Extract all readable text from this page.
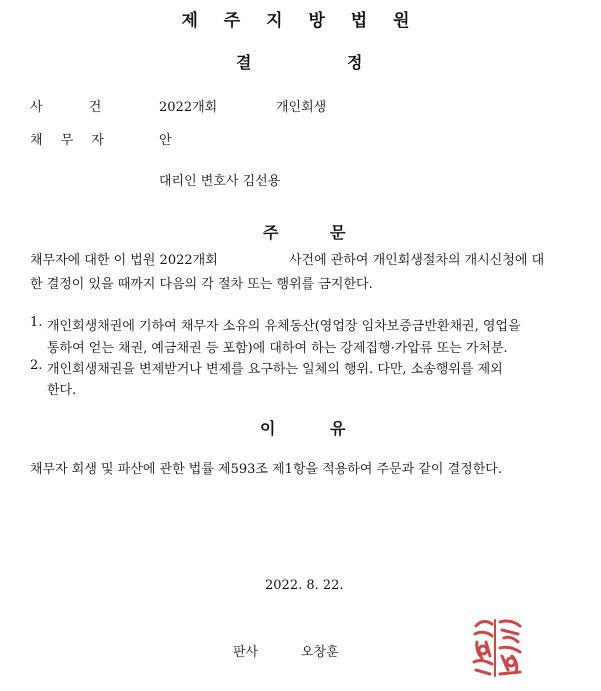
제 주 지 방 법 원
결	정
사 건	2022개회	개인회생
채 무 자	안
대리인 변호사 김선용
주	문
채무자에 대한 이 법원 2022개회	사건에 관하여 개인회생절차의 개시신청에 대
한 결정이 있을 때까지 다음의 각 절차 또는 행위를 금지한다.
1. 개인회생채권에 기하여 채무자 소유의 유체동산(영업장 임차보증금반환채권, 영업을
통하여 얻는 채권, 예금채권 등 포함)에 대하여 하는 강제집행·가압류 또는 가처분.
2. 개인회생채권을 변제받거나 변제를 요구하는 일체의 행위. 다만, 소송행위를 제외
한다.
이	유
채무자 회생 및 파산에 관한 법률 제593조 제1항을 적용하여 주문과 같이 결정한다.
2022. 8. 22.
판사	오창훈
